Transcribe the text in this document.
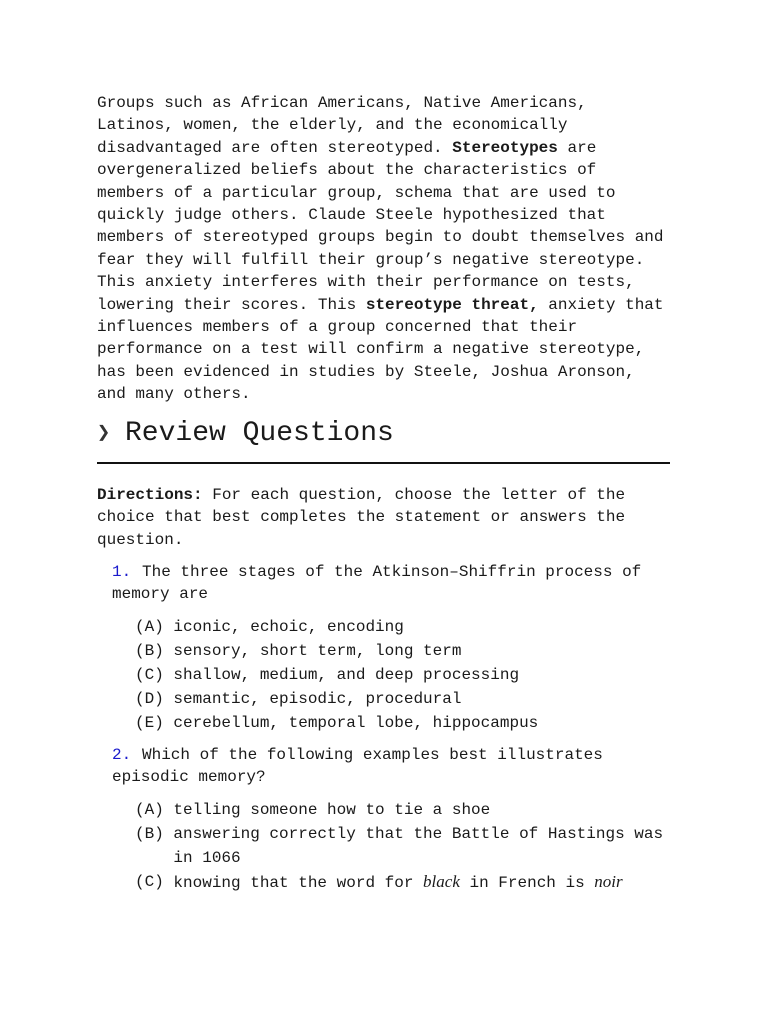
Groups such as African Americans, Native Americans, Latinos, women, the elderly, and the economically disadvantaged are often stereotyped. Stereotypes are overgeneralized beliefs about the characteristics of members of a particular group, schema that are used to quickly judge others. Claude Steele hypothesized that members of stereotyped groups begin to doubt themselves and fear they will fulfill their group’s negative stereotype. This anxiety interferes with their performance on tests, lowering their scores. This stereotype threat, anxiety that influences members of a group concerned that their performance on a test will confirm a negative stereotype, has been evidenced in studies by Steele, Joshua Aronson, and many others.

❯ Review Questions

Directions: For each question, choose the letter of the choice that best completes the statement or answers the question.

1. The three stages of the Atkinson–Shiffrin process of memory are
(A) iconic, echoic, encoding
(B) sensory, short term, long term
(C) shallow, medium, and deep processing
(D) semantic, episodic, procedural
(E) cerebellum, temporal lobe, hippocampus
2. Which of the following examples best illustrates episodic memory?
(A) telling someone how to tie a shoe
(B) answering correctly that the Battle of Hastings was in 1066
(C) knowing that the word for black in French is noir
